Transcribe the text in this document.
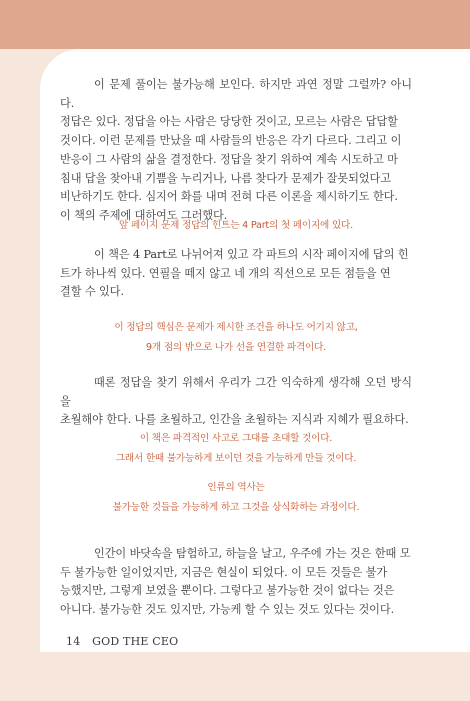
이 문제 풀이는 불가능해 보인다. 하지만 과연 정말 그럴까? 아니다.
정답은 있다. 정답을 아는 사람은 당당한 것이고, 모르는 사람은 답답할
것이다. 이런 문제를 만났을 때 사람들의 반응은 각기 다르다. 그리고 이
반응이 그 사람의 삶을 결정한다. 정답을 찾기 위하여 계속 시도하고 마
침내 답을 찾아내 기쁨을 누리거나, 나름 찾다가 문제가 잘못되었다고
비난하기도 한다. 심지어 화를 내며 전혀 다른 이론을 제시하기도 한다.
이 책의 주제에 대하여도 그러했다.
앞 페이지 문제 정답의 힌트는 4 Part의 첫 페이지에 있다.
이 책은 4 Part로 나뉘어져 있고 각 파트의 시작 페이지에 답의 힌
트가 하나씩 있다. 연필을 떼지 않고 네 개의 직선으로 모든 점들을 연
결할 수 있다.
이 정답의 핵심은 문제가 제시한 조건을 하나도 어기지 않고,
9개 점의 밖으로 나가 선을 연결한 파격이다.
때론 정답을 찾기 위해서 우리가 그간 익숙하게 생각해 오던 방식을
초월해야 한다. 나를 초월하고, 인간을 초월하는 지식과 지혜가 필요하다.
이 책은 파격적인 사고로 그대를 초대할 것이다.
그래서 한때 불가능하게 보이던 것을 가능하게 만들 것이다.
인류의 역사는
불가능한 것들을 가능하게 하고 그것을 상식화하는 과정이다.
인간이 바닷속을 탐험하고, 하늘을 날고, 우주에 가는 것은 한때 모
두 불가능한 일이었지만, 지금은 현실이 되었다. 이 모든 것들은 불가
능했지만, 그렇게 보였을 뿐이다. 그렇다고 불가능한 것이 없다는 것은
아니다. 불가능한 것도 있지만, 가능케 할 수 있는 것도 있다는 것이다.
14 GOD THE CEO
